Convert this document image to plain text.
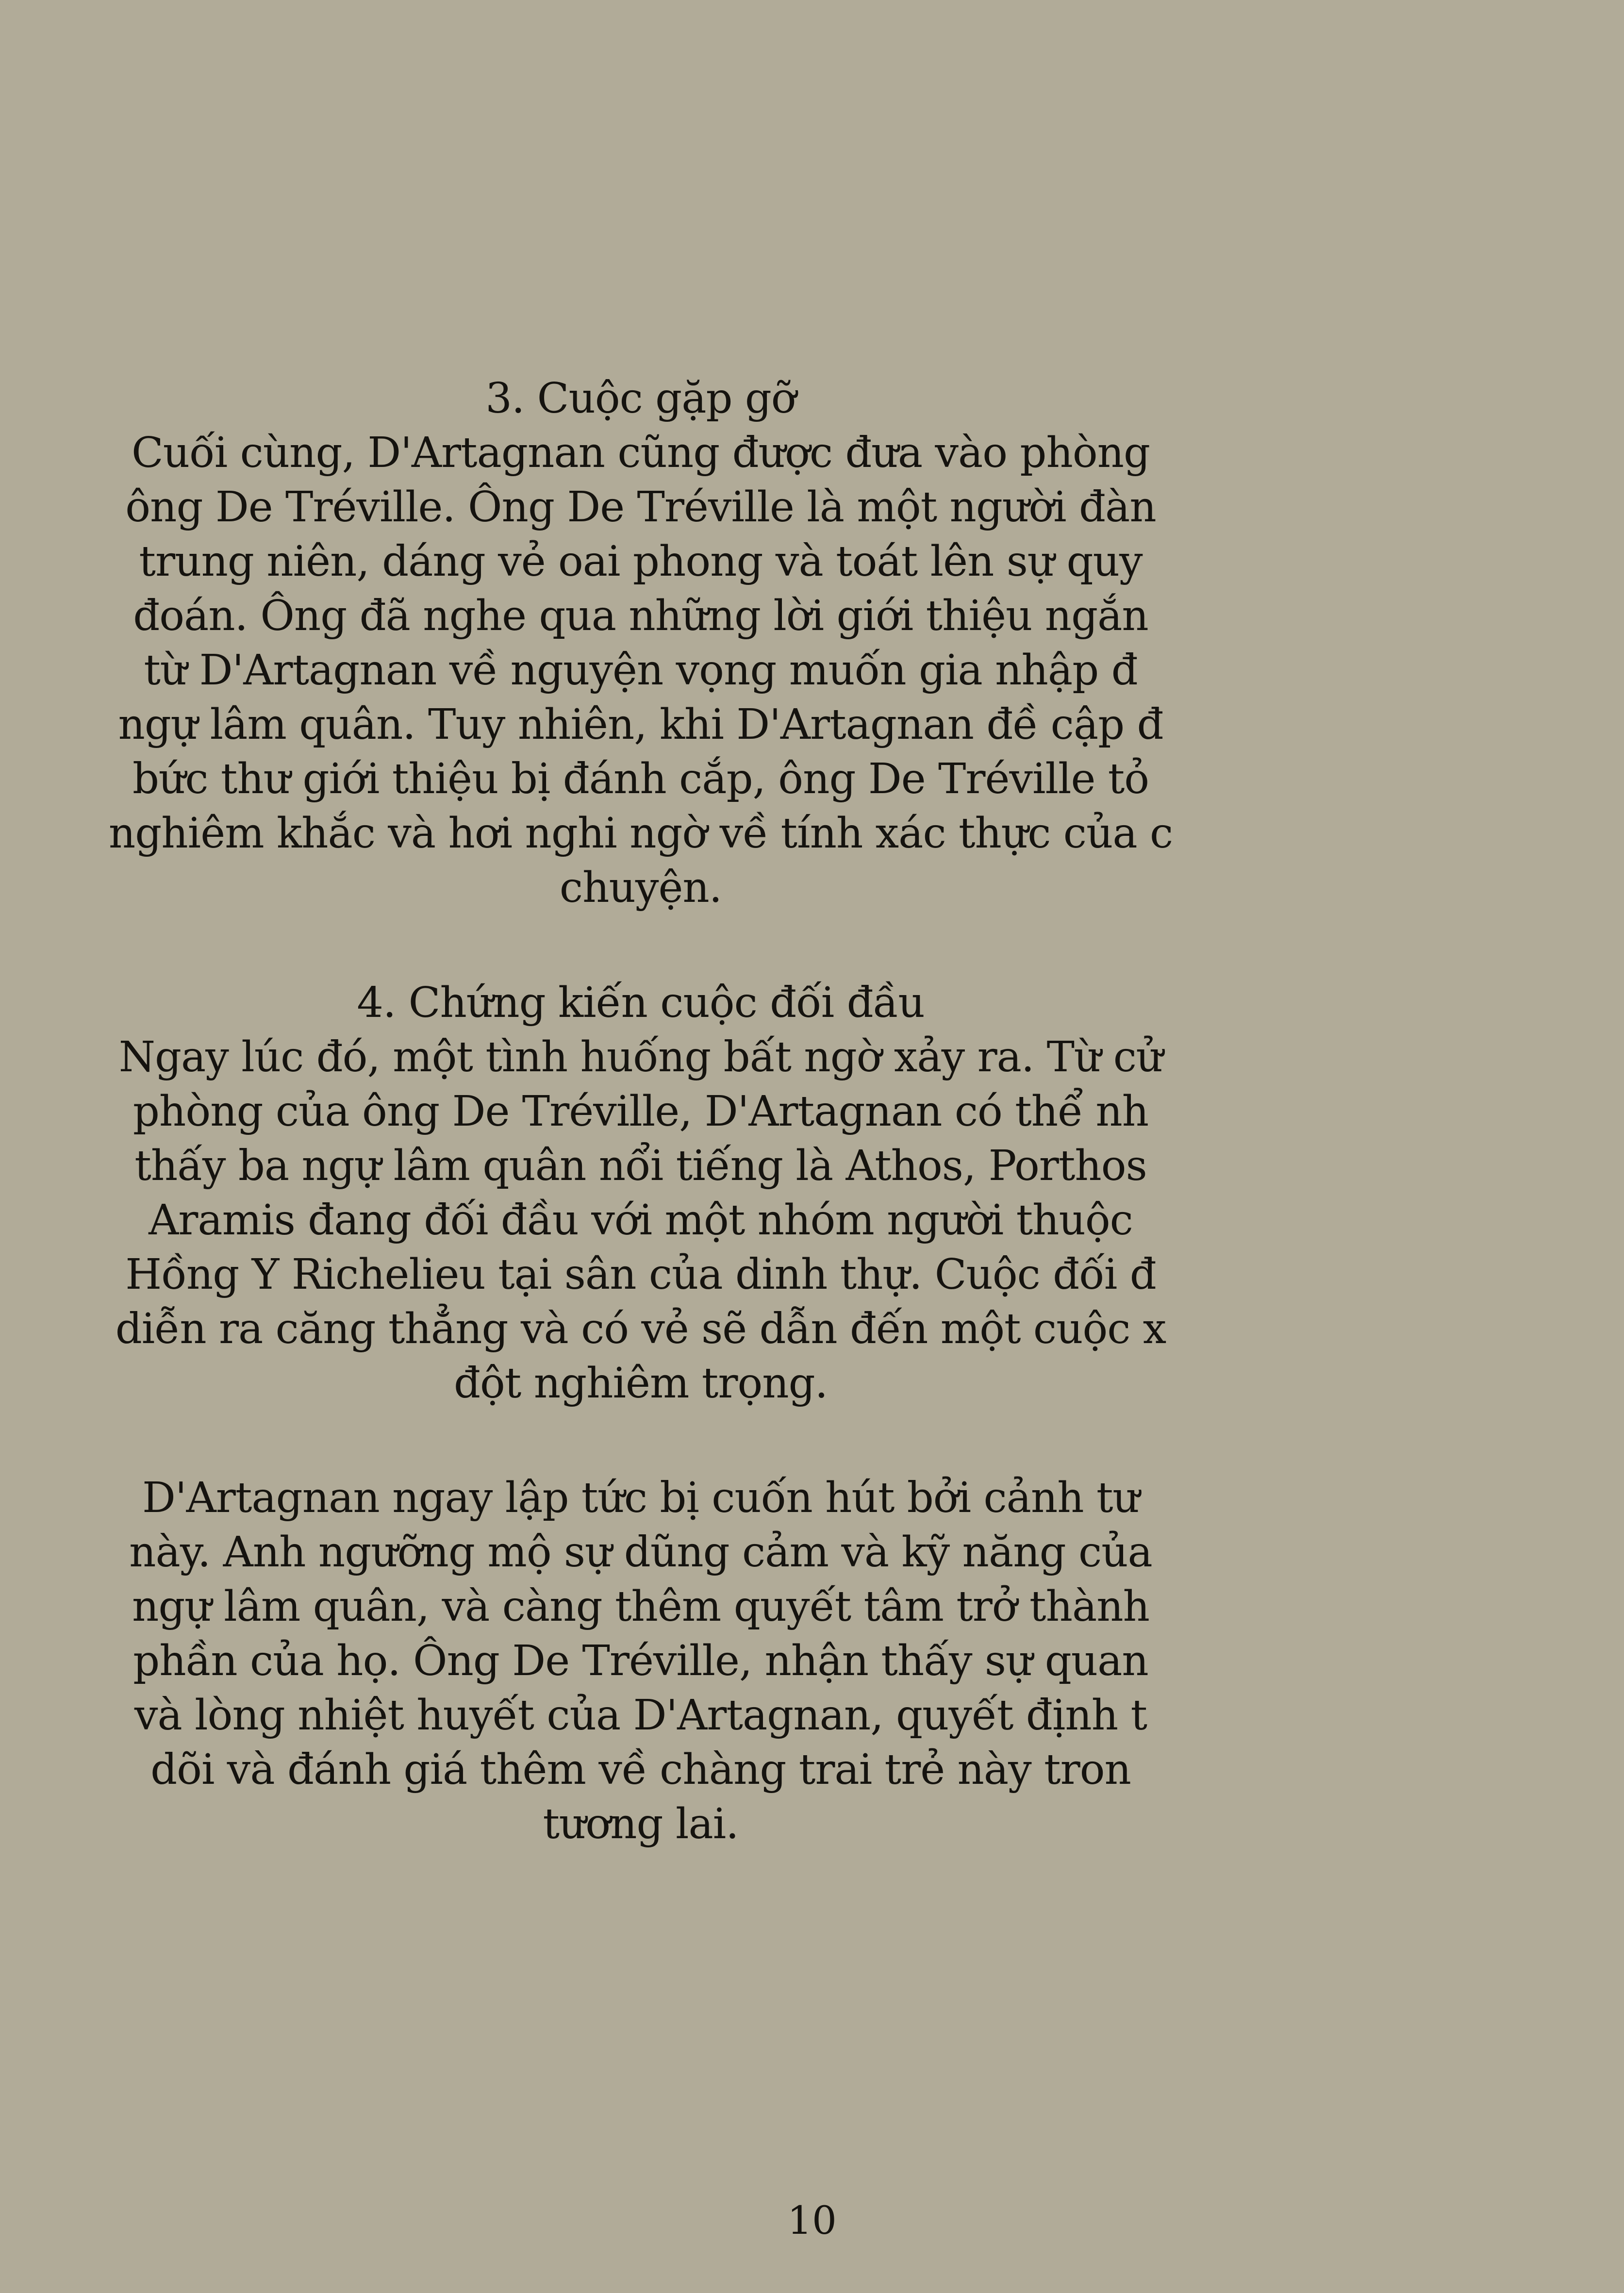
3. Cuộc gặp gỡ
Cuối cùng, D'Artagnan cũng được đưa vào phòng
ông De Tréville. Ông De Tréville là một người đàn
trung niên, dáng vẻ oai phong và toát lên sự quy
đoán. Ông đã nghe qua những lời giới thiệu ngắn
từ D'Artagnan về nguyện vọng muốn gia nhập đ
ngự lâm quân. Tuy nhiên, khi D'Artagnan đề cập đ
bức thư giới thiệu bị đánh cắp, ông De Tréville tỏ
nghiêm khắc và hơi nghi ngờ về tính xác thực của c
chuyện.
4. Chứng kiến cuộc đối đầu
Ngay lúc đó, một tình huống bất ngờ xảy ra. Từ cử
phòng của ông De Tréville, D'Artagnan có thể nh
thấy ba ngự lâm quân nổi tiếng là Athos, Porthos
Aramis đang đối đầu với một nhóm người thuộc
Hồng Y Richelieu tại sân của dinh thự. Cuộc đối đ
diễn ra căng thẳng và có vẻ sẽ dẫn đến một cuộc x
đột nghiêm trọng.
D'Artagnan ngay lập tức bị cuốn hút bởi cảnh tư
này. Anh ngưỡng mộ sự dũng cảm và kỹ năng của
ngự lâm quân, và càng thêm quyết tâm trở thành
phần của họ. Ông De Tréville, nhận thấy sự quan
và lòng nhiệt huyết của D'Artagnan, quyết định t
dõi và đánh giá thêm về chàng trai trẻ này tron
tương lai.
10
